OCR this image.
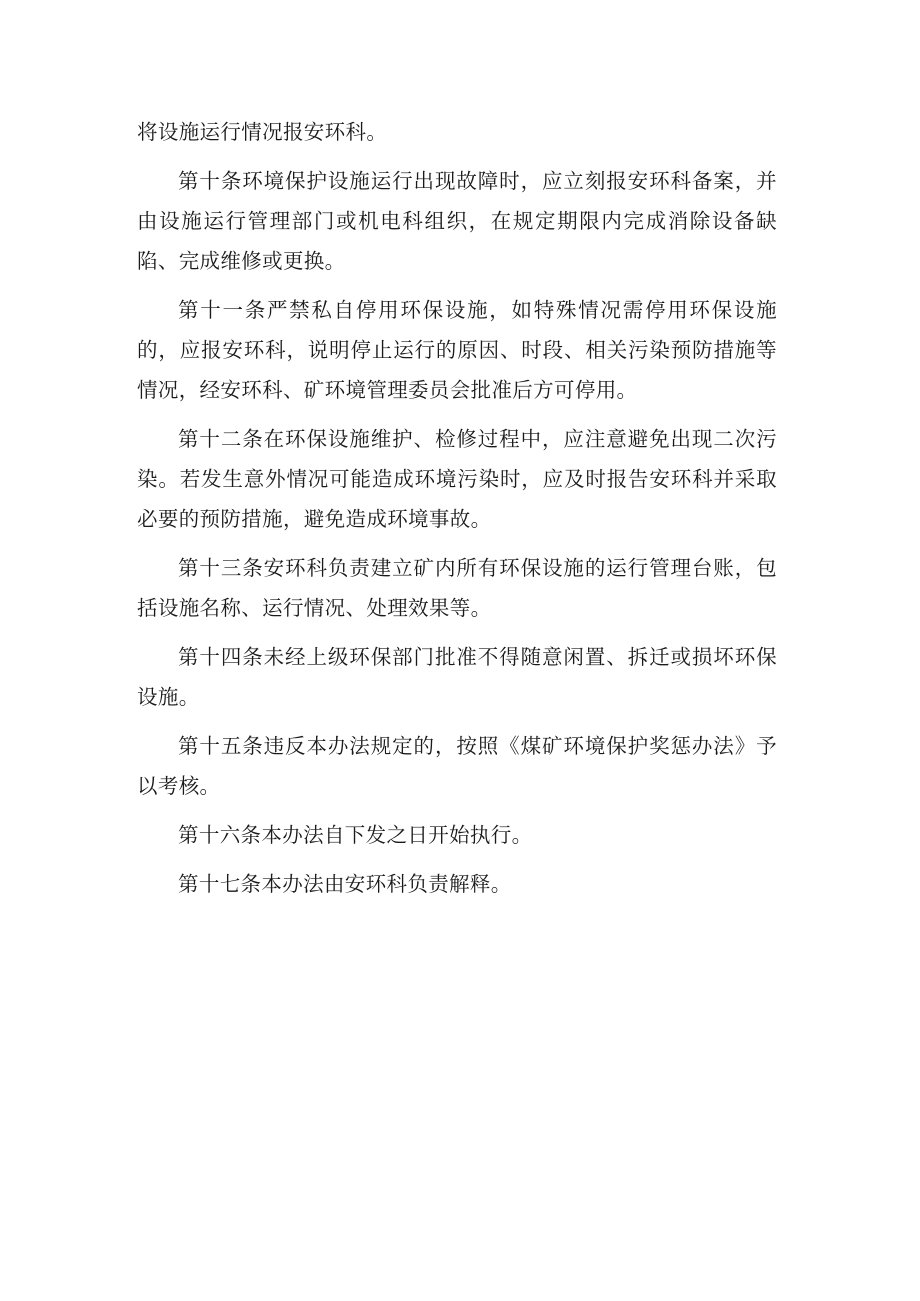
将设施运行情况报安环科。

第十条环境保护设施运行出现故障时，应立刻报安环科备案，并由设施运行管理部门或机电科组织，在规定期限内完成消除设备缺陷、完成维修或更换。

第十一条严禁私自停用环保设施，如特殊情况需停用环保设施的，应报安环科，说明停止运行的原因、时段、相关污染预防措施等情况，经安环科、矿环境管理委员会批准后方可停用。

第十二条在环保设施维护、检修过程中，应注意避免出现二次污染。若发生意外情况可能造成环境污染时，应及时报告安环科并采取必要的预防措施，避免造成环境事故。

第十三条安环科负责建立矿内所有环保设施的运行管理台账，包括设施名称、运行情况、处理效果等。

第十四条未经上级环保部门批准不得随意闲置、拆迁或损坏环保设施。

第十五条违反本办法规定的，按照《煤矿环境保护奖惩办法》予以考核。

第十六条本办法自下发之日开始执行。

第十七条本办法由安环科负责解释。
